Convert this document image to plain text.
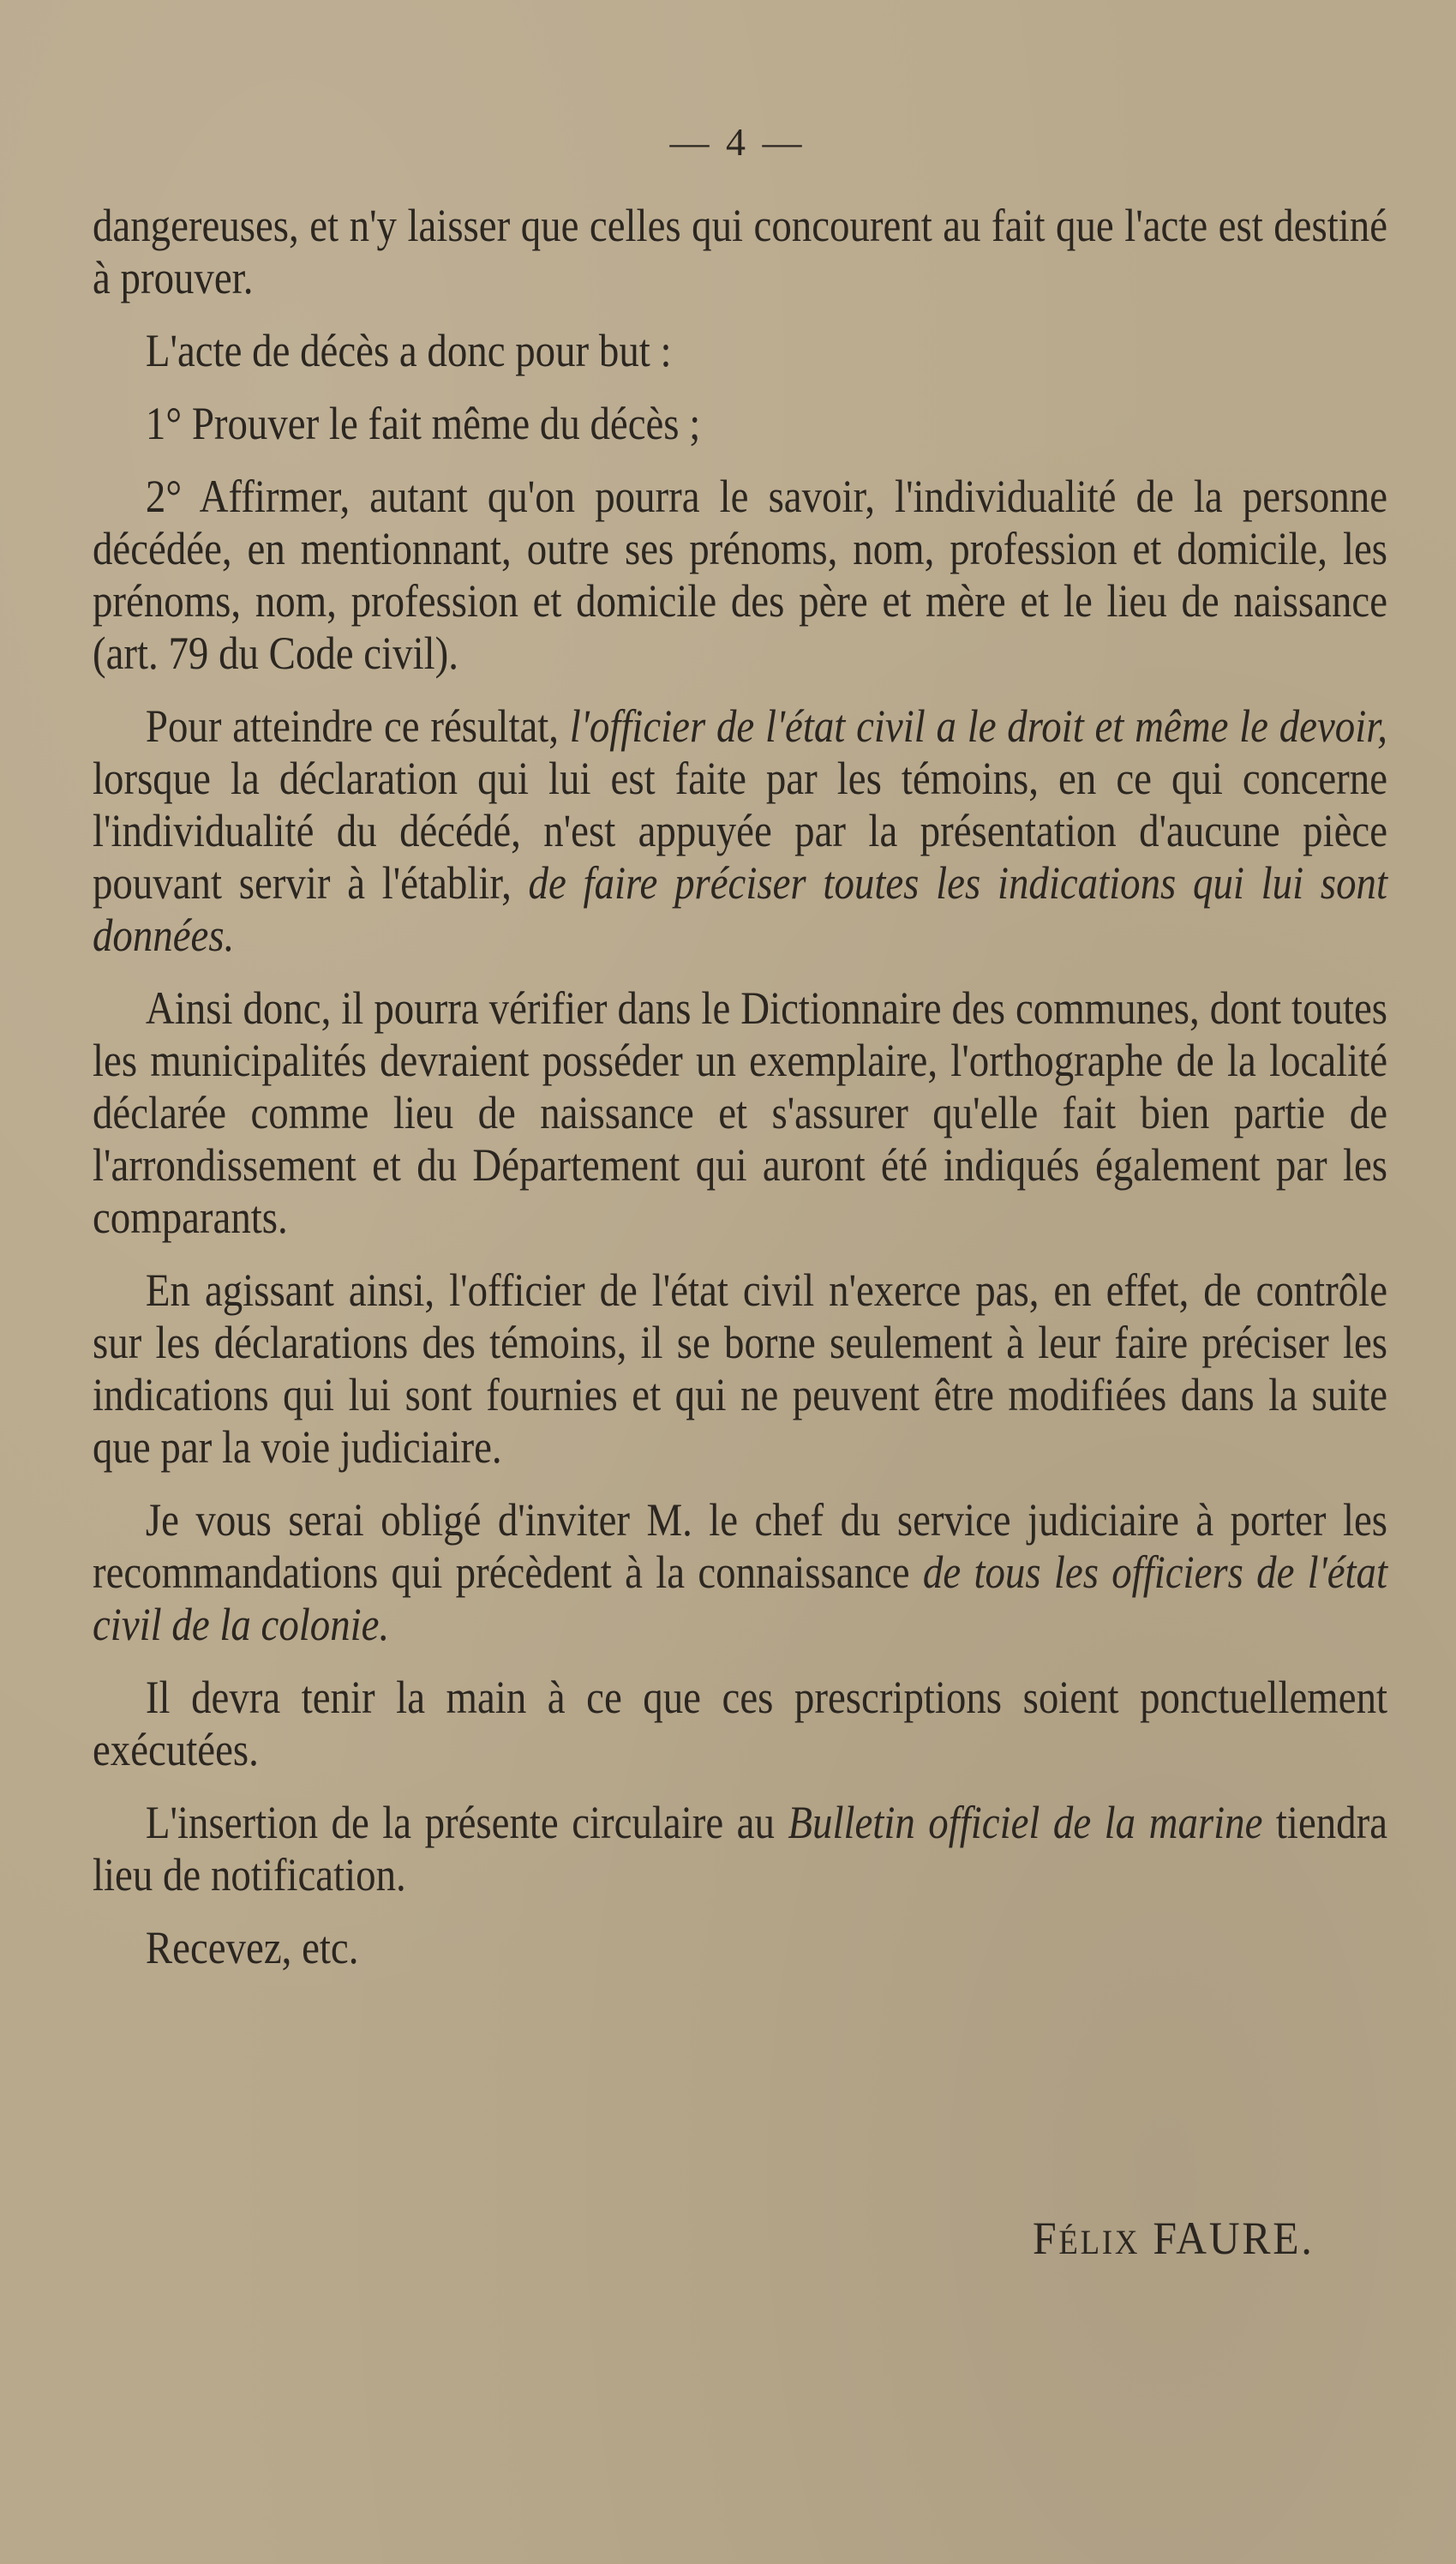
— 4 —

dangereuses, et n'y laisser que celles qui concourent au fait que l'acte est destiné à prouver.

L'acte de décès a donc pour but :

1° Prouver le fait même du décès ;

2° Affirmer, autant qu'on pourra le savoir, l'individualité de la personne décédée, en mentionnant, outre ses prénoms, nom, profession et domicile, les prénoms, nom, profession et domicile des père et mère et le lieu de naissance (art. 79 du Code civil).

Pour atteindre ce résultat, l'officier de l'état civil a le droit et même le devoir, lorsque la déclaration qui lui est faite par les témoins, en ce qui concerne l'individualité du décédé, n'est appuyée par la présentation d'aucune pièce pouvant servir à l'établir, de faire préciser toutes les indications qui lui sont données.

Ainsi donc, il pourra vérifier dans le Dictionnaire des communes, dont toutes les municipalités devraient posséder un exemplaire, l'orthographe de la localité déclarée comme lieu de naissance et s'assurer qu'elle fait bien partie de l'arrondissement et du Département qui auront été indiqués également par les comparants.

En agissant ainsi, l'officier de l'état civil n'exerce pas, en effet, de contrôle sur les déclarations des témoins, il se borne seulement à leur faire préciser les indications qui lui sont fournies et qui ne peuvent être modifiées dans la suite que par la voie judiciaire.

Je vous serai obligé d'inviter M. le chef du service judiciaire à porter les recommandations qui précèdent à la connaissance de tous les officiers de l'état civil de la colonie.

Il devra tenir la main à ce que ces prescriptions soient ponctuellement exécutées.

L'insertion de la présente circulaire au Bulletin officiel de la marine tiendra lieu de notification.

Recevez, etc.

FÉLIX FAURE.
